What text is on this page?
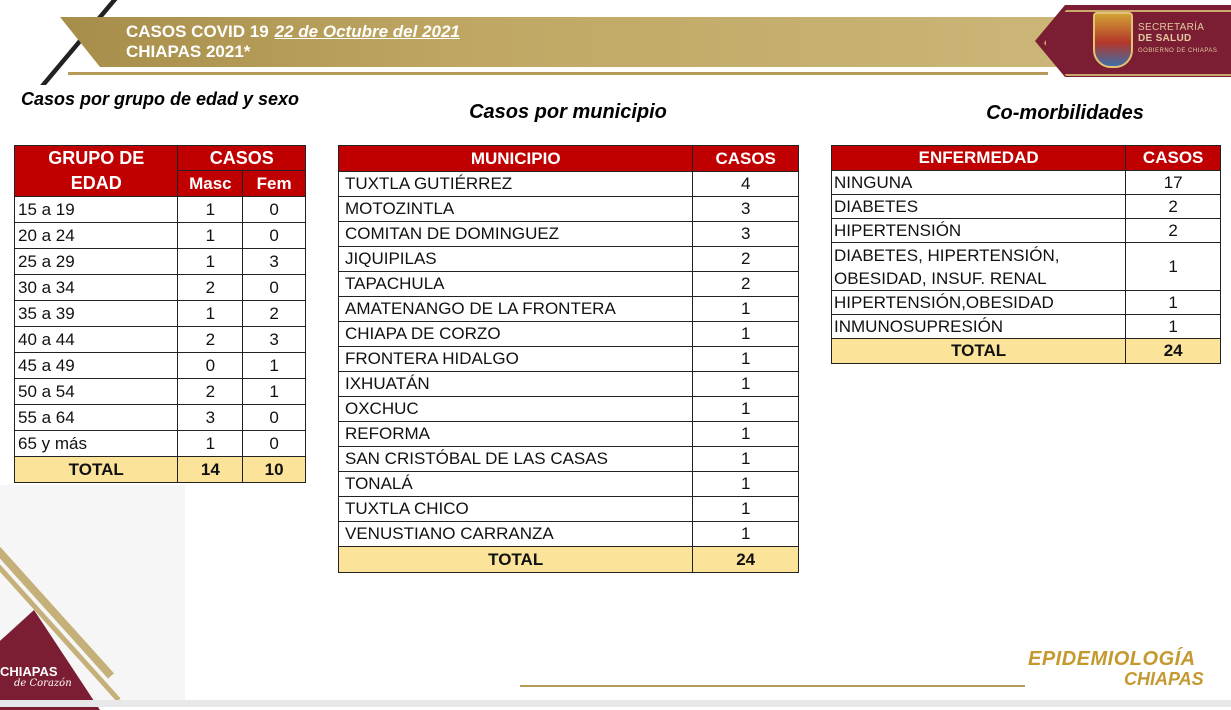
CASOS COVID 19 22 de Octubre del 2021
CHIAPAS 2021*
SECRETARÍA
DE SALUD
GOBIERNO DE CHIAPAS
Casos por grupo de edad y sexo
Casos por municipio	Co-morbilidades
GRUPO DE EDAD	CASOS	
	Masc	Fem
15 a 19	1	0
20 a 24	1	0
25 a 29	1	3
30 a 34	2	0
35 a 39	1	2
40 a 44	2	3
45 a 49	0	1
50 a 54	2	1
55 a 64	3	0
65 y más	1	0
TOTAL	14	10
MUNICIPIO	CASOS
TUXTLA GUTIÉRREZ	4
MOTOZINTLA	3
COMITAN DE DOMINGUEZ	3
JIQUIPILAS	2
TAPACHULA	2
AMATENANGO DE LA FRONTERA	1
CHIAPA DE CORZO	1
FRONTERA HIDALGO	1
IXHUATÁN	1
OXCHUC	1
REFORMA	1
SAN CRISTÓBAL DE LAS CASAS	1
TONALÁ	1
TUXTLA CHICO	1
VENUSTIANO CARRANZA	1
TOTAL	24
ENFERMEDAD	CASOS
NINGUNA	17
DIABETES	2
HIPERTENSIÓN	2
DIABETES, HIPERTENSIÓN, OBESIDAD, INSUF. RENAL	1
HIPERTENSIÓN,OBESIDAD	1
INMUNOSUPRESIÓN	1
TOTAL	24
CHIAPAS
de Corazón
EPIDEMIOLOGÍA
CHIAPAS
